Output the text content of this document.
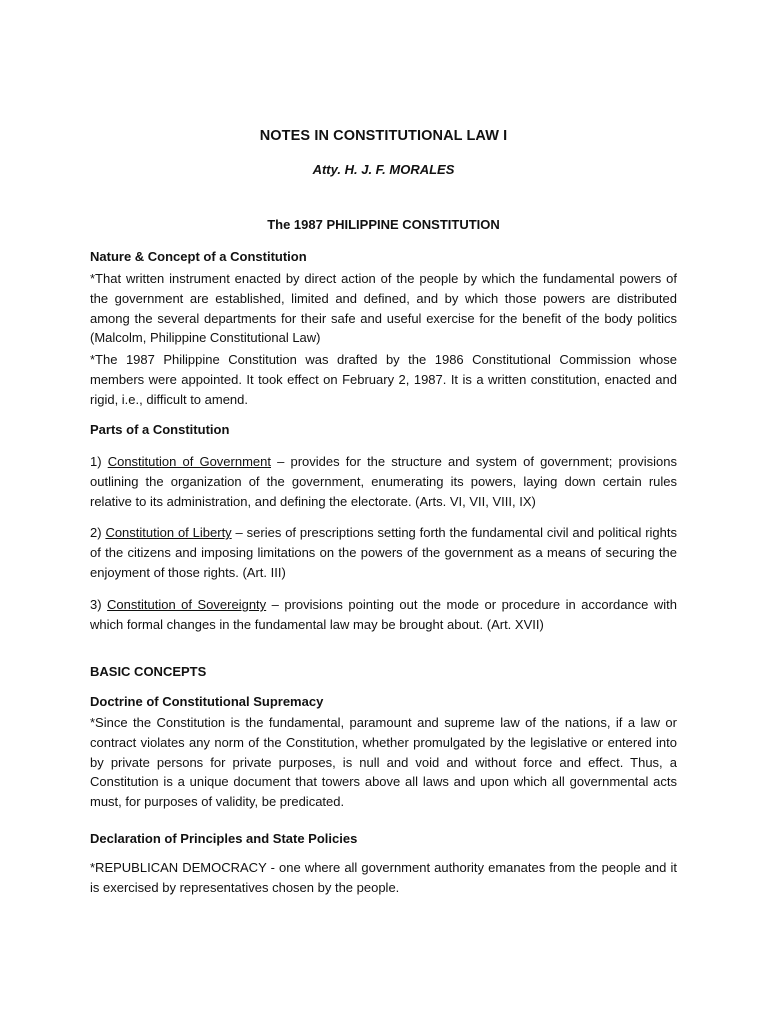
NOTES IN CONSTITUTIONAL LAW I
Atty. H. J. F. MORALES
The 1987 PHILIPPINE CONSTITUTION
Nature & Concept of a Constitution

*That written instrument enacted by direct action of the people by which the fundamental powers of the government are established, limited and defined, and by which those powers are distributed among the several departments for their safe and useful exercise for the benefit of the body politics (Malcolm, Philippine Constitutional Law)

*The 1987 Philippine Constitution was drafted by the 1986 Constitutional Commission whose members were appointed. It took effect on February 2, 1987. It is a written constitution, enacted and rigid, i.e., difficult to amend.

Parts of a Constitution

1) Constitution of Government – provides for the structure and system of government; provisions outlining the organization of the government, enumerating its powers, laying down certain rules relative to its administration, and defining the electorate. (Arts. VI, VII, VIII, IX)

2) Constitution of Liberty – series of prescriptions setting forth the fundamental civil and political rights of the citizens and imposing limitations on the powers of the government as a means of securing the enjoyment of those rights. (Art. III)

3) Constitution of Sovereignty – provisions pointing out the mode or procedure in accordance with which formal changes in the fundamental law may be brought about. (Art. XVII)

BASIC CONCEPTS
Doctrine of Constitutional Supremacy

*Since the Constitution is the fundamental, paramount and supreme law of the nations, if a law or contract violates any norm of the Constitution, whether promulgated by the legislative or entered into by private persons for private purposes, is null and void and without force and effect. Thus, a Constitution is a unique document that towers above all laws and upon which all governmental acts must, for purposes of validity, be predicated.

Declaration of Principles and State Policies

*REPUBLICAN DEMOCRACY - one where all government authority emanates from the people and it is exercised by representatives chosen by the people.
